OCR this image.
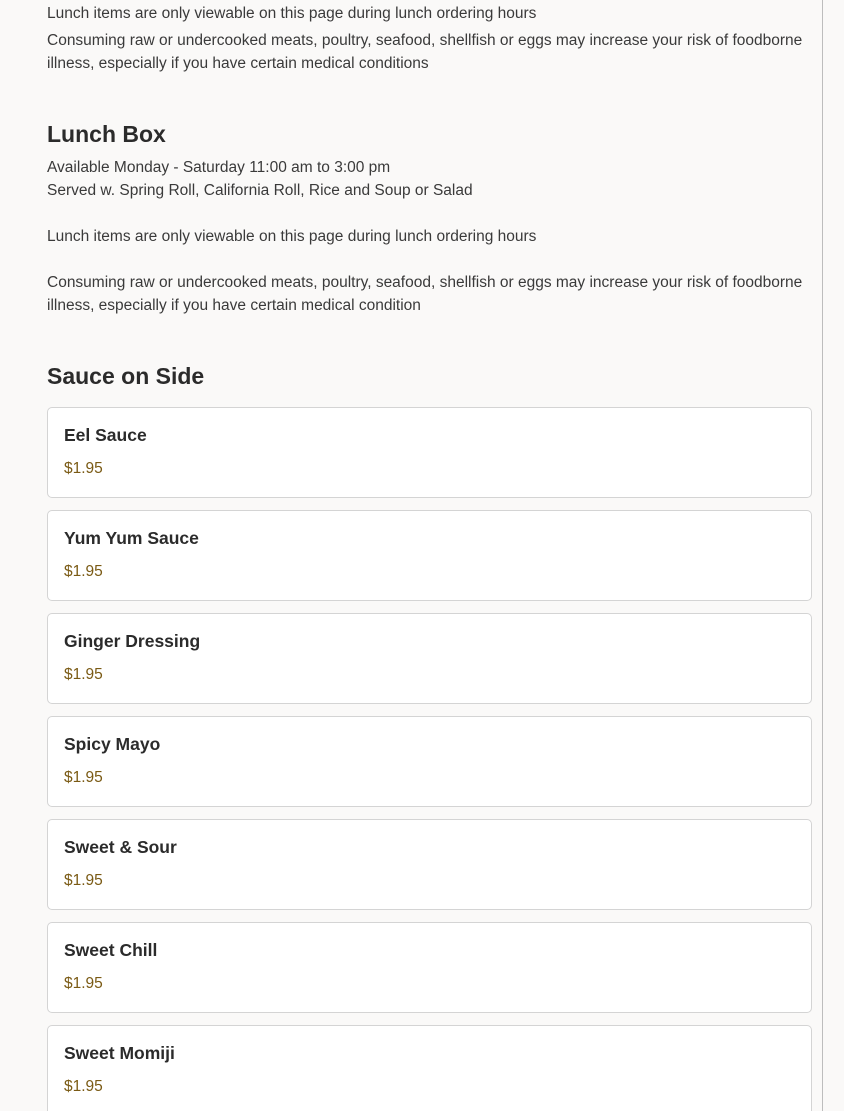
Lunch items are only viewable on this page during lunch ordering hours

Consuming raw or undercooked meats, poultry, seafood, shellfish or eggs may increase your risk of foodborne illness, especially if you have certain medical conditions

Lunch Box

Available Monday - Saturday 11:00 am to 3:00 pm

Served w. Spring Roll, California Roll, Rice and Soup or Salad

Lunch items are only viewable on this page during lunch ordering hours

Consuming raw or undercooked meats, poultry, seafood, shellfish or eggs may increase your risk of foodborne illness, especially if you have certain medical condition

Sauce on Side
Eel Sauce
$1.95
Yum Yum Sauce
$1.95
Ginger Dressing
$1.95
Spicy Mayo
$1.95
Sweet & Sour
$1.95
Sweet Chill
$1.95
Sweet Momiji
$1.95
